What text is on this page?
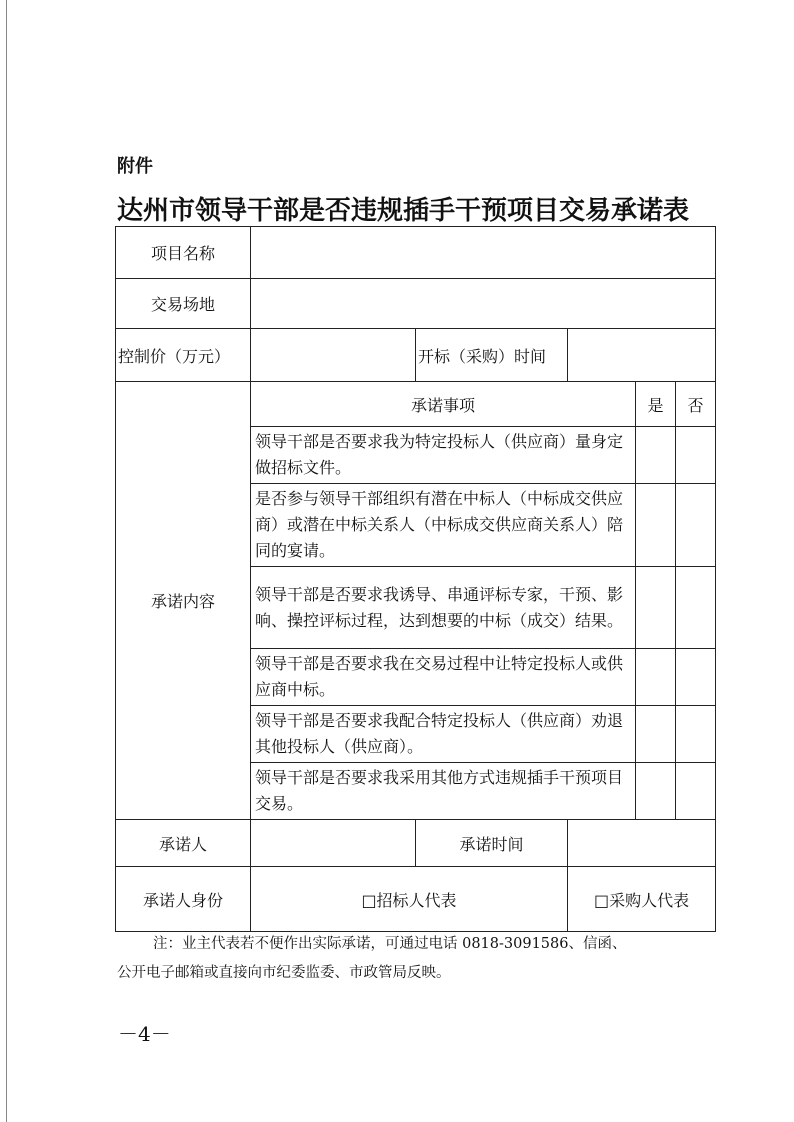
附件
达州市领导干部是否违规插手干预项目交易承诺表
项目名称					
交易场地					
控制价（万元）		开标（采购）时间			
承诺内容	承诺事项			是	否
	领导干部是否要求我为特定投标人（供应商）量身定做招标文件。				
	是否参与领导干部组织有潜在中标人（中标成交供应商）或潜在中标关系人（中标成交供应商关系人）陪同的宴请。				
	领导干部是否要求我诱导、串通评标专家，干预、影响、操控评标过程，达到想要的中标（成交）结果。				
	领导干部是否要求我在交易过程中让特定投标人或供应商中标。				
	领导干部是否要求我配合特定投标人（供应商）劝退其他投标人（供应商）。				
	领导干部是否要求我采用其他方式违规插手干预项目交易。				
承诺人		承诺时间			
承诺人身份	□招标人代表		□采购人代表		
注：业主代表若不便作出实际承诺，可通过电话 0818-3091586、信函、
公开电子邮箱或直接向市纪委监委、市政管局反映。
－4－
